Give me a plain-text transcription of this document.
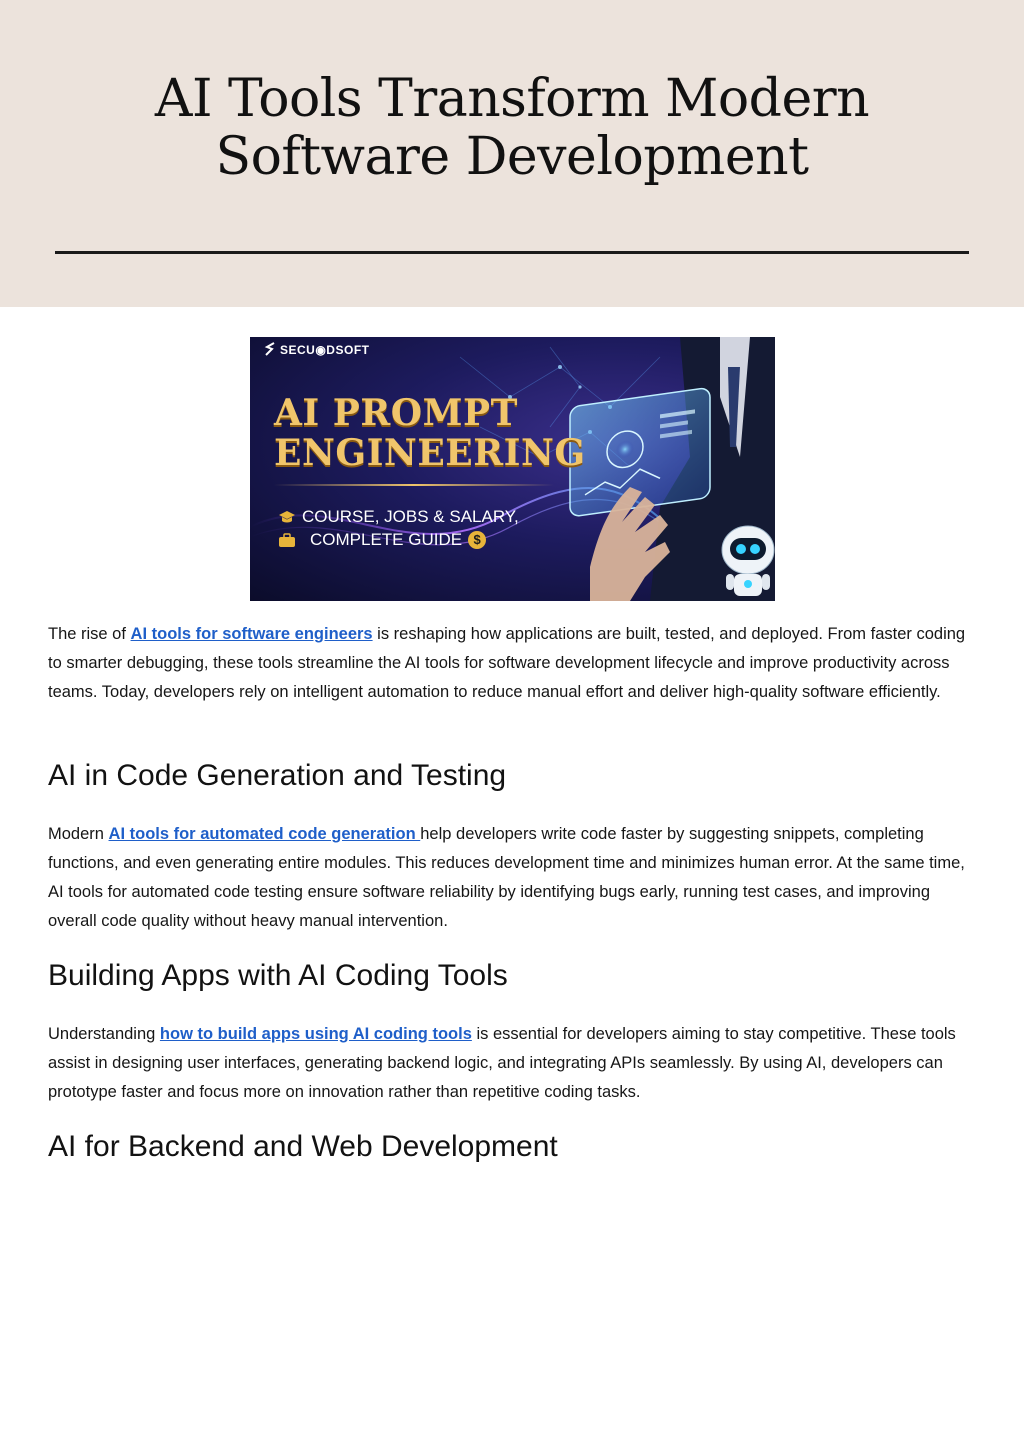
AI Tools Transform Modern
Software Development
SECU◉DSOFT
AI PROMPT
ENGINEERING
COURSE, JOBS & SALARY,
COMPLETE GUIDE $

The rise of AI tools for software engineers is reshaping how applications are built, tested, and deployed. From faster coding to smarter debugging, these tools streamline the AI tools for software development lifecycle and improve productivity across teams. Today, developers rely on intelligent automation to reduce manual effort and deliver high-quality software efficiently.

AI in Code Generation and Testing

Modern AI tools for automated code generation help developers write code faster by suggesting snippets, completing functions, and even generating entire modules. This reduces development time and minimizes human error. At the same time, AI tools for automated code testing ensure software reliability by identifying bugs early, running test cases, and improving overall code quality without heavy manual intervention.

Building Apps with AI Coding Tools

Understanding how to build apps using AI coding tools is essential for developers aiming to stay competitive. These tools assist in designing user interfaces, generating backend logic, and integrating APIs seamlessly. By using AI, developers can prototype faster and focus more on innovation rather than repetitive coding tasks.

AI for Backend and Web Development
